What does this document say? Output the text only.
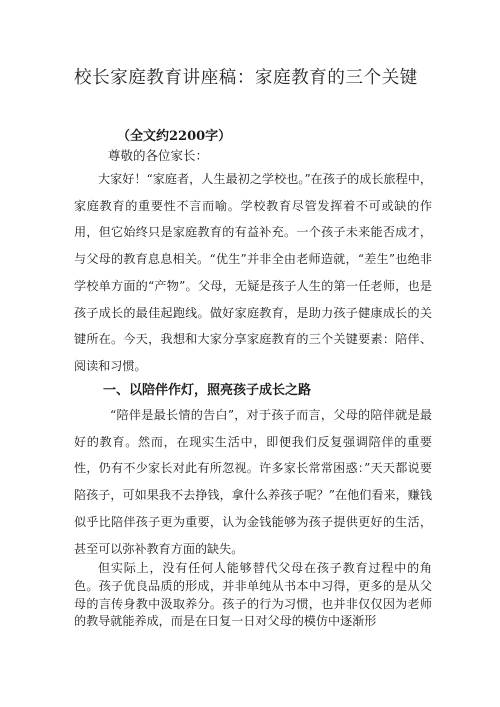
校长家庭教育讲座稿：家庭教育的三个关键
（全文约2200字）
尊敬的各位家长：

大家好！“家庭者，人生最初之学校也。”在孩子的成长旅程中，家庭教育的重要性不言而喻。学校教育尽管发挥着不可或缺的作用，但它始终只是家庭教育的有益补充。一个孩子未来能否成才，与父母的教育息息相关。“优生”并非全由老师造就，“差生”也绝非学校单方面的“产物”。父母，无疑是孩子人生的第一任老师，也是孩子成长的最佳起跑线。做好家庭教育，是助力孩子健康成长的关键所在。今天，我想和大家分享家庭教育的三个关键要素：陪伴、阅读和习惯。

一、以陪伴作灯，照亮孩子成长之路

“陪伴是最长情的告白”，对于孩子而言，父母的陪伴就是最好的教育。然而，在现实生活中，即便我们反复强调陪伴的重要性，仍有不少家长对此有所忽视。许多家长常常困惑：”天天都说要陪孩子，可如果我不去挣钱，拿什么养孩子呢？”在他们看来，赚钱似乎比陪伴孩子更为重要，认为金钱能够为孩子提供更好的生活，甚至可以弥补教育方面的缺失。

但实际上，没有任何人能够替代父母在孩子教育过程中的角色。孩子优良品质的形成，并非单纯从书本中习得，更多的是从父母的言传身教中汲取养分。孩子的行为习惯，也并非仅仅因为老师的教导就能养成，而是在日复一日对父母的模仿中逐渐形
